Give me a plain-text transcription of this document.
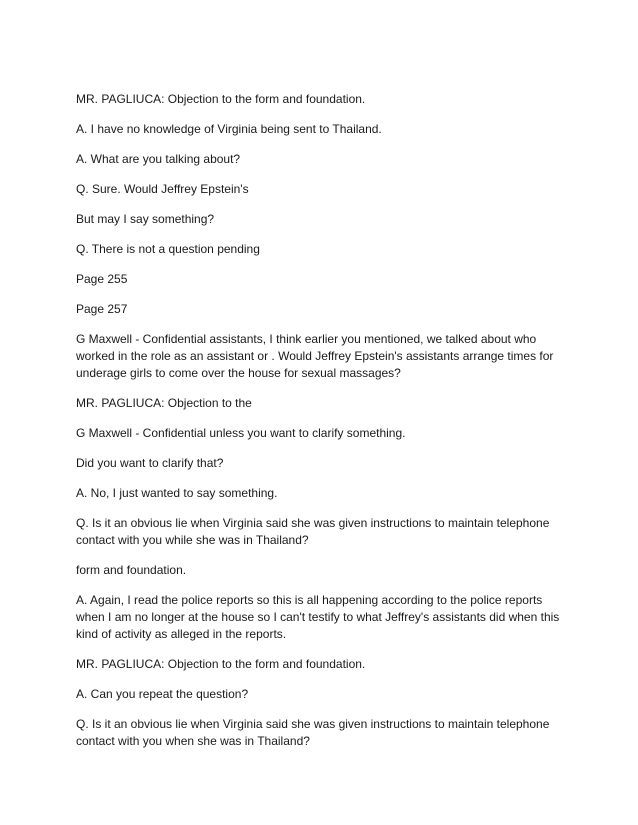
MR. PAGLIUCA: Objection to the form and foundation.

A. I have no knowledge of Virginia being sent to Thailand.

A. What are you talking about?

Q. Sure. Would Jeffrey Epstein's

But may I say something?

Q. There is not a question pending

Page 255

Page 257

G Maxwell - Confidential assistants, I think earlier you mentioned, we talked about who worked in the role as an assistant or . Would Jeffrey Epstein's assistants arrange times for underage girls to come over the house for sexual massages?

MR. PAGLIUCA: Objection to the

G Maxwell - Confidential unless you want to clarify something.

Did you want to clarify that?

A. No, I just wanted to say something.

Q. Is it an obvious lie when Virginia said she was given instructions to maintain telephone contact with you while she was in Thailand?

form and foundation.

A. Again, I read the police reports so this is all happening according to the police reports when I am no longer at the house so I can't testify to what Jeffrey's assistants did when this kind of activity as alleged in the reports.

MR. PAGLIUCA: Objection to the form and foundation.

A. Can you repeat the question?

Q. Is it an obvious lie when Virginia said she was given instructions to maintain telephone contact with you when she was in Thailand?
